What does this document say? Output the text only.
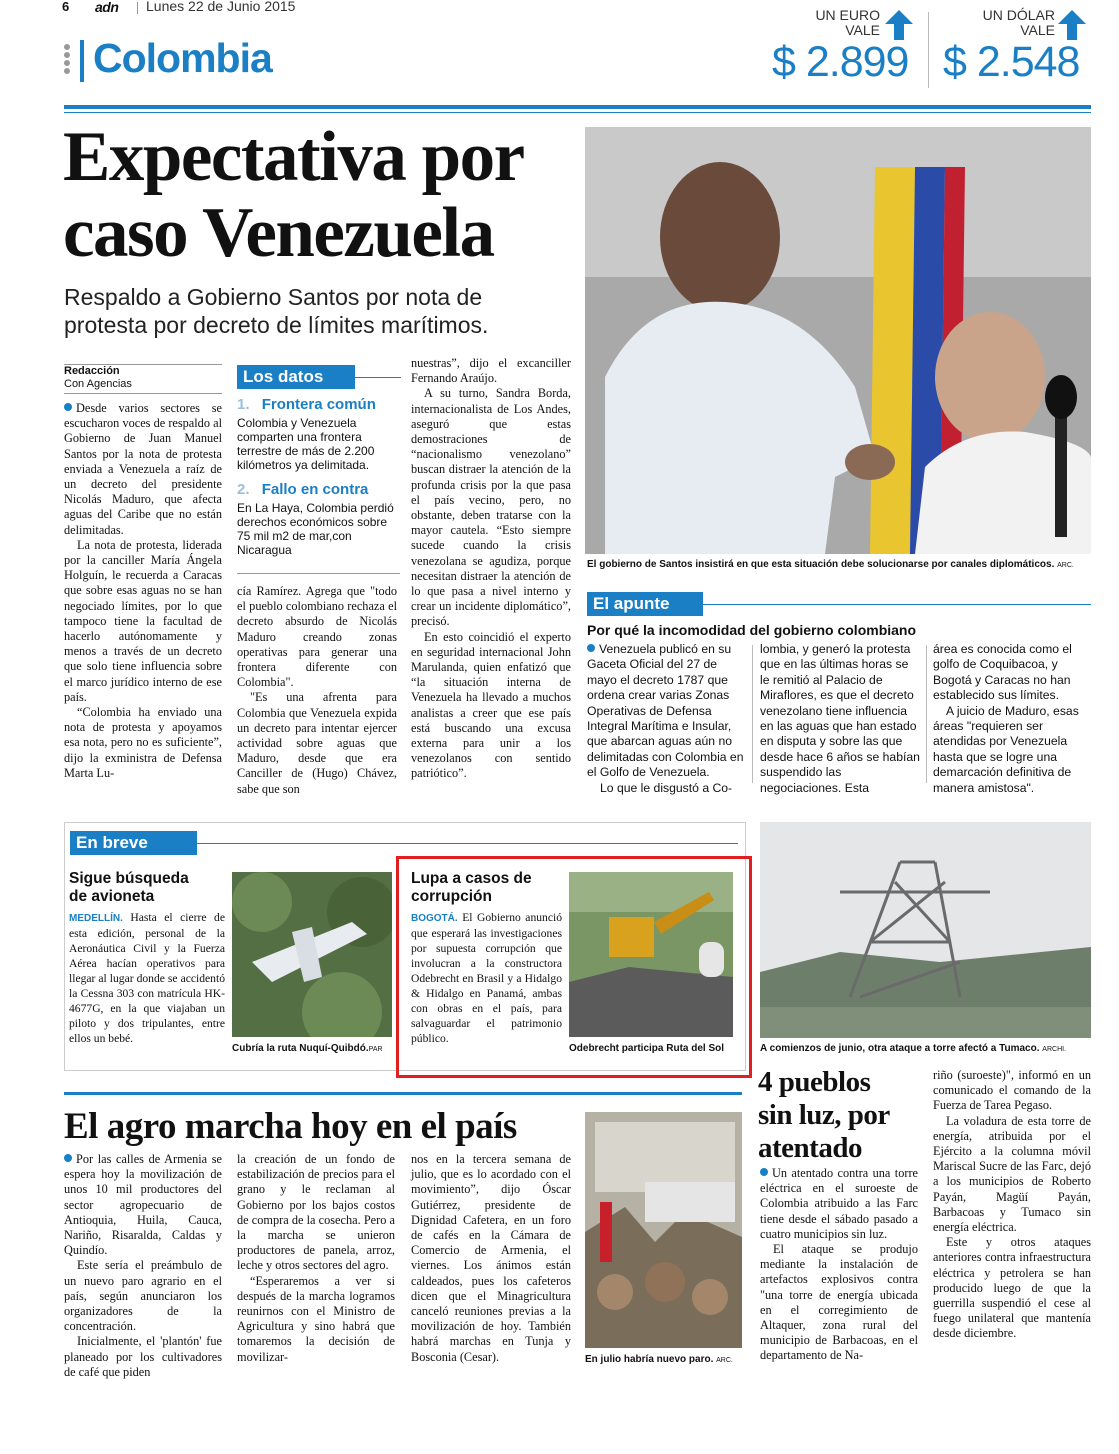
6 adn Lunes 22 de Junio 2015
Colombia
UN EURO
VALE
$ 2.899
UN DÓLAR
VALE
$ 2.548
Expectativa por
caso Venezuela
Respaldo a Gobierno Santos por nota de
protesta por decreto de límites marítimos.
Redacción
Con Agencias

Desde varios sectores se escucharon voces de respaldo al Gobierno de Juan Manuel Santos por la nota de protesta enviada a Venezuela a raíz de un decreto del presidente Nicolás Maduro, que afecta aguas del Caribe que no están delimitadas.

La nota de protesta, liderada por la canciller María Ángela Holguín, le recuerda a Caracas que sobre esas aguas no se han negociado límites, por lo que tampoco tiene la facultad de hacerlo autónomamente y menos a través de un decreto que solo tiene influencia sobre el marco jurídico interno de ese país.

“Colombia ha enviado una nota de protesta y apoyamos esa nota, pero no es suficiente”, dijo la exministra de Defensa Marta Lu-

Los datos
1. Frontera común
Colombia y Venezuela comparten una frontera terrestre de más de 2.200 kilómetros ya delimitada.
2. Fallo en contra
En La Haya, Colombia perdió derechos económicos sobre 75 mil m2 de mar,con Nicaragua

cía Ramírez. Agrega que "todo el pueblo colombiano rechaza el decreto absurdo de Nicolás Maduro creando zonas operativas para generar una frontera diferente con Colombia".

"Es una afrenta para Colombia que Venezuela expida un decreto para intentar ejercer actividad sobre aguas que Maduro, desde que era Canciller de (Hugo) Chávez, sabe que son

nuestras”, dijo el excanciller Fernando Araújo.

A su turno, Sandra Borda, internacionalista de Los Andes, aseguró que estas demostraciones de “nacionalismo venezolano” buscan distraer la atención de la profunda crisis por la que pasa el país vecino, pero, no obstante, deben tratarse con la mayor cautela. “Esto siempre sucede cuando la crisis venezolana se agudiza, porque necesitan distraer la atención de lo que pasa a nivel interno y crear un incidente diplomático”, precisó.

En esto coincidió el experto en seguridad internacional John Marulanda, quien enfatizó que “la situación interna de Venezuela ha llevado a muchos analistas a creer que ese país está buscando una excusa externa para unir a los venezolanos con sentido patriótico”.

El gobierno de Santos insistirá en que esta situación debe solucionarse por canales diplomáticos. ARC.
El apunte
Por qué la incomodidad del gobierno colombiano

Venezuela publicó en su Gaceta Oficial del 27 de mayo el decreto 1787 que ordena crear varias Zonas Operativas de Defensa Integral Marítima e Insular, que abarcan aguas aún no delimitadas con Colombia en el Golfo de Venezuela.

Lo que le disgustó a Co-

lombia, y generó la protesta que en las últimas horas se le remitió al Palacio de Miraflores, es que el decreto venezolano tiene influencia en las aguas que han estado en disputa y sobre las que desde hace 6 años se habían suspendido las negociaciones. Esta

área es conocida como el golfo de Coquibacoa, y Bogotá y Caracas no han establecido sus límites.

A juicio de Maduro, esas áreas "requieren ser atendidas por Venezuela hasta que se logre una demarcación definitiva de manera amistosa".

En breve
Sigue búsqueda
de avioneta

MEDELLÍN. Hasta el cierre de esta edición, personal de la Aeronáutica Civil y la Fuerza Aérea hacían operativos para llegar al lugar donde se accidentó la Cessna 303 con matrícula HK-4677G, en la que viajaban un piloto y dos tripulantes, entre ellos un bebé.

Cubría la ruta Nuquí-Quibdó.PAR
Lupa a casos de
corrupción

BOGOTÁ. El Gobierno anunció que esperará las investigaciones por supuesta corrupción que involucran a la constructora Odebrecht en Brasil y a Hidalgo & Hidalgo en Panamá, ambas con obras en el país, para salvaguardar el patrimonio público.

Odebrecht participa Ruta del Sol	A comienzos de junio, otra ataque a torre afectó a Tumaco. ARCHI.
4 pueblos
sin luz, por
atentado

Un atentado contra una torre eléctrica en el suroeste de Colombia atribuido a las Farc tiene desde el sábado pasado a cuatro municipios sin luz.

El ataque se produjo mediante la instalación de artefactos explosivos contra "una torre de energía ubicada en el corregimiento de Altaquer, zona rural del municipio de Barbacoas, en el departamento de Na-

riño (suroeste)", informó en un comunicado el comando de la Fuerza de Tarea Pegaso.

La voladura de esta torre de energía, atribuida por el Ejército a la columna móvil Mariscal Sucre de las Farc, dejó a los municipios de Roberto Payán, Magüí Payán, Barbacoas y Tumaco sin energía eléctrica.

Este y otros ataques anteriores contra infraestructura eléctrica y petrolera se han producido luego de que la guerrilla suspendió el cese al fuego unilateral que mantenía desde diciembre.

El agro marcha hoy en el país

Por las calles de Armenia se espera hoy la movilización de unos 10 mil productores del sector agropecuario de Antioquia, Huila, Cauca, Nariño, Risaralda, Caldas y Quindío.

Este sería el preámbulo de un nuevo paro agrario en el país, según anunciaron los organizadores de la concentración.

Inicialmente, el 'plantón' fue planeado por los cultivadores de café que piden

la creación de un fondo de estabilización de precios para el grano y le reclaman al Gobierno por los bajos costos de compra de la cosecha. Pero a la marcha se unieron productores de panela, arroz, leche y otros sectores del agro.

“Esperaremos a ver si después de la marcha logramos reunirnos con el Ministro de Agricultura y sino habrá que tomaremos la decisión de movilizar-

nos en la tercera semana de julio, que es lo acordado con el movimiento”, dijo Óscar Gutiérrez, presidente de Dignidad Cafetera, en un foro de cafés en la Cámara de Comercio de Armenia, el viernes. Los ánimos están caldeados, pues los cafeteros dicen que el Minagricultura canceló reuniones previas a la movilización de hoy. También habrá marchas en Tunja y Bosconia (Cesar).	En julio habría nuevo paro. ARC.
